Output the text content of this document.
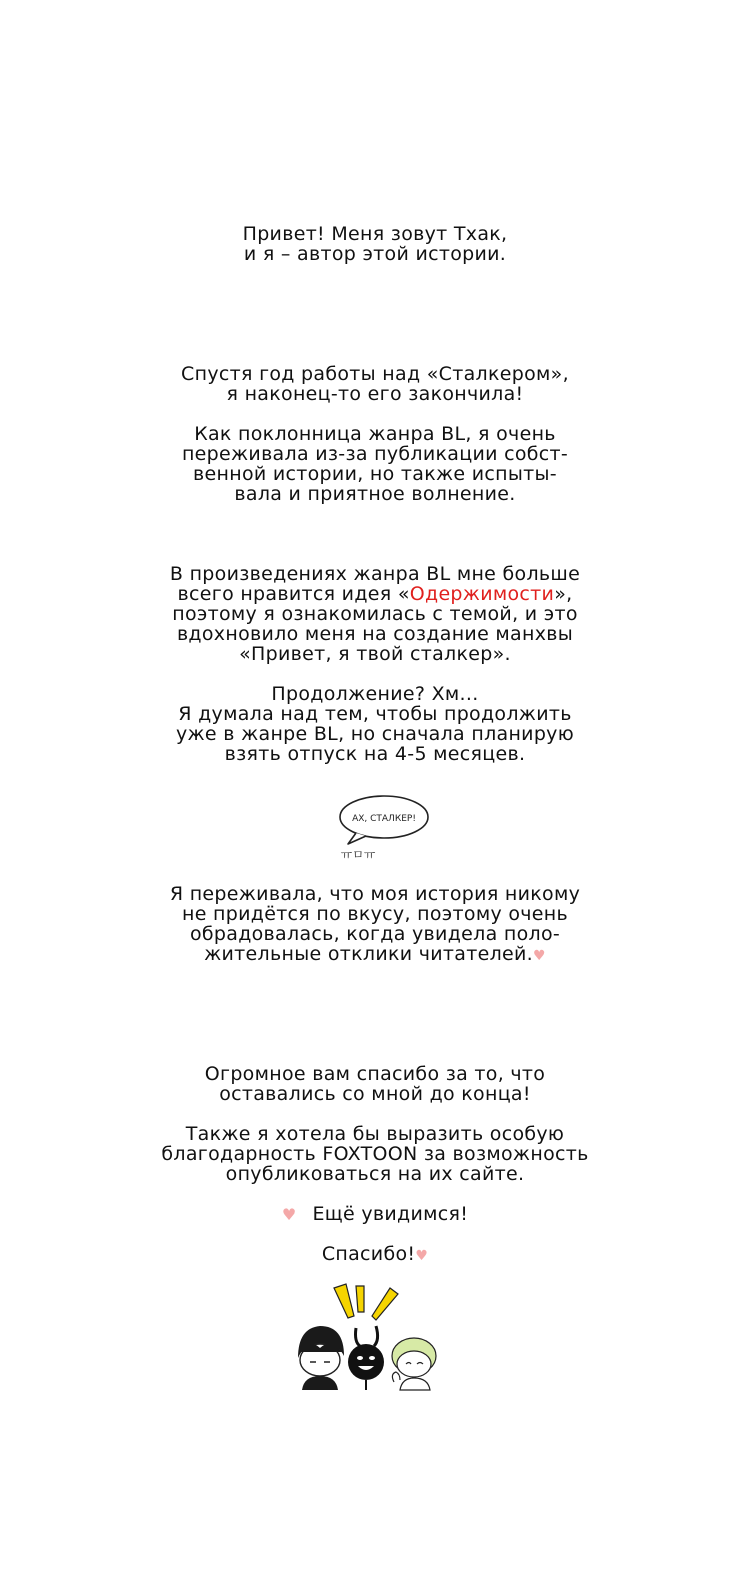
Привет! Меня зовут Тхак,
и я – автор этой истории.
Спустя год работы над «Сталкером»,
я наконец-то его закончила!
Как поклонница жанра BL, я очень
переживала из-за публикации собст-
венной истории, но также испыты-
вала и приятное волнение.
В произведениях жанра BL мне больше
всего нравится идея «Одержимости»,
поэтому я ознакомилась с темой, и это
вдохновило меня на создание манхвы
«Привет, я твой сталкер».
Продолжение? Хм...
Я думала над тем, чтобы продолжить
уже в жанре BL, но сначала планирую
взять отпуск на 4-5 месяцев.
АХ, СТАЛКЕР!
ㅠㅁㅠ
Я переживала, что моя история никому
не придётся по вкусу, поэтому очень
обрадовалась, когда увидела поло-
жительные отклики читателей.♥
Огромное вам спасибо за то, что
оставались со мной до конца!
Также я хотела бы выразить особую
благодарность FOXTOON за возможность
опубликоваться на их сайте.
♥ Ещё увидимся!
Спасибо!♥
